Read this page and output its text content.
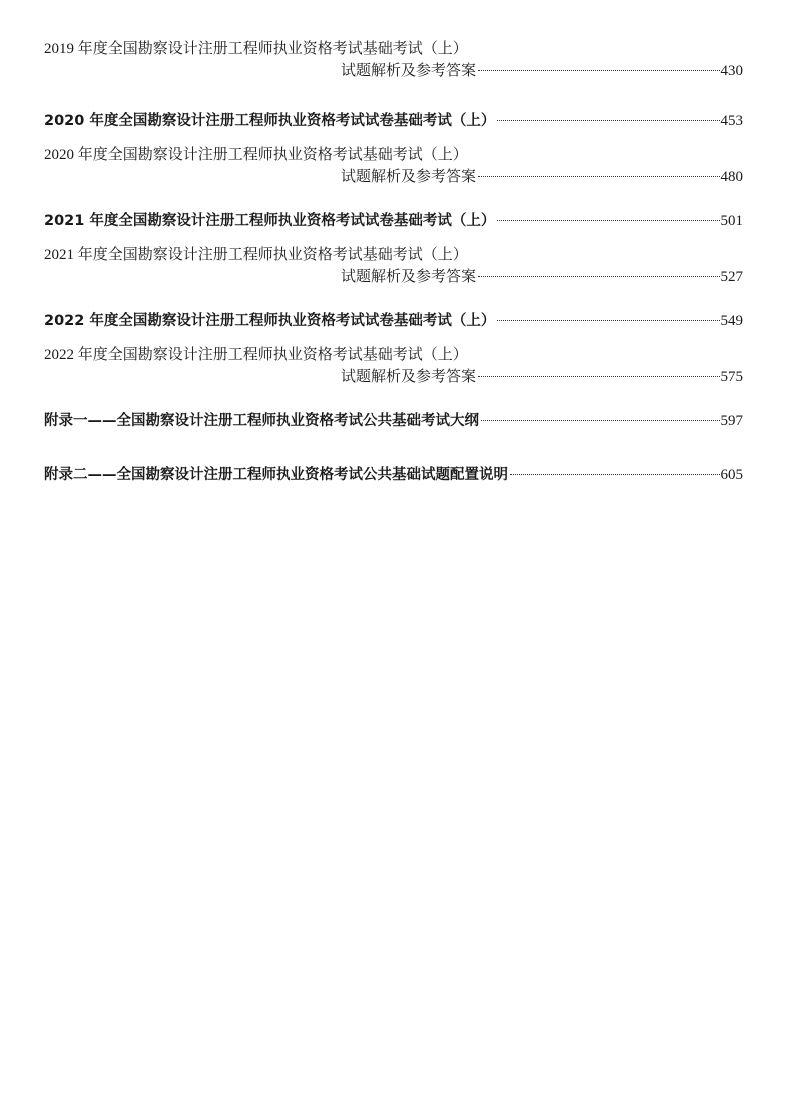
2019 年度全国勘察设计注册工程师执业资格考试基础考试（上）
试题解析及参考答案	430
2020 年度全国勘察设计注册工程师执业资格考试试卷基础考试（上）	453
2020 年度全国勘察设计注册工程师执业资格考试基础考试（上）
试题解析及参考答案	480
2021 年度全国勘察设计注册工程师执业资格考试试卷基础考试（上）	501
2021 年度全国勘察设计注册工程师执业资格考试基础考试（上）
试题解析及参考答案	527
2022 年度全国勘察设计注册工程师执业资格考试试卷基础考试（上）	549
2022 年度全国勘察设计注册工程师执业资格考试基础考试（上）
试题解析及参考答案	575
附录一——全国勘察设计注册工程师执业资格考试公共基础考试大纲	597
附录二——全国勘察设计注册工程师执业资格考试公共基础试题配置说明	605
